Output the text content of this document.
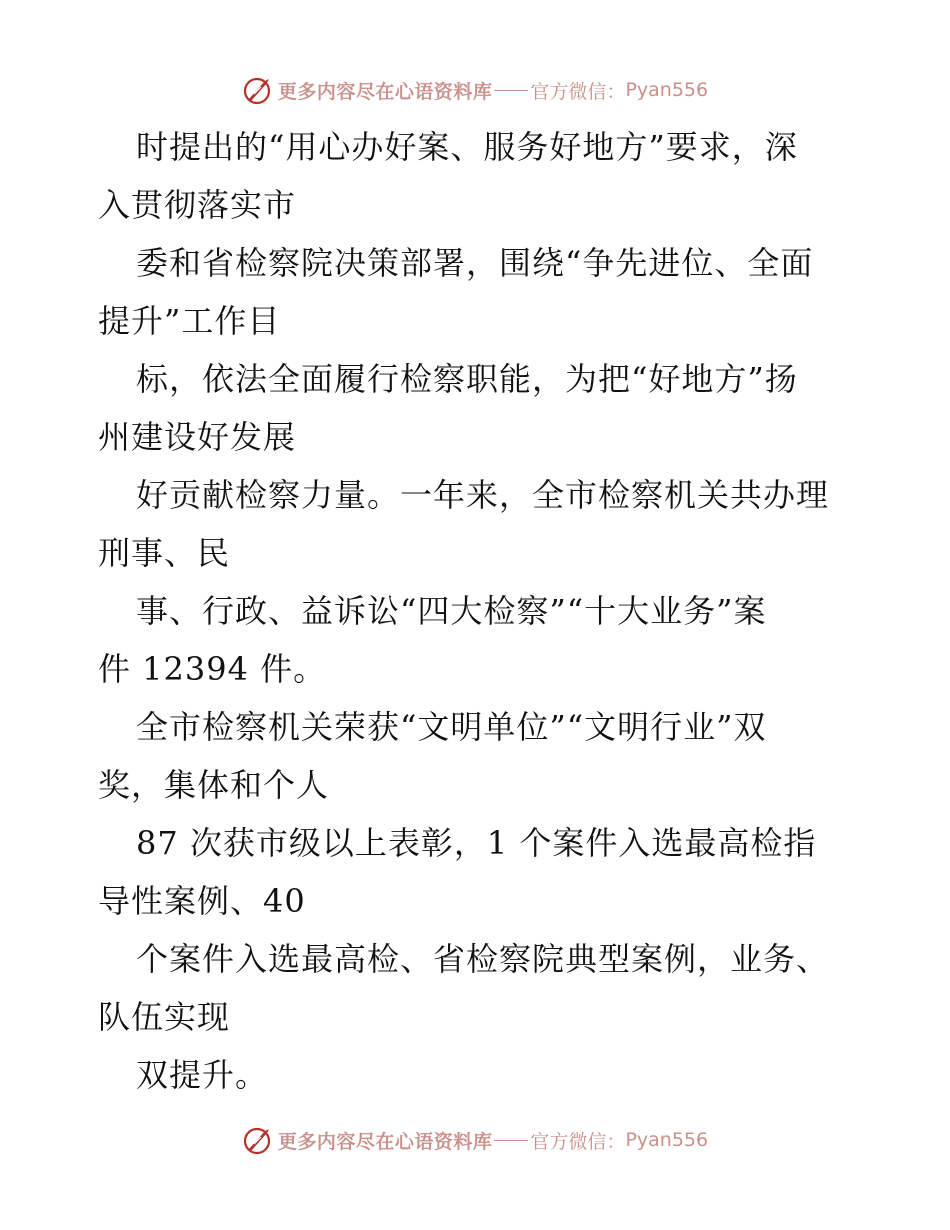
更多内容尽在心语资料库 官方微信： Pyan556
时提出的“用心办好案、服务好地方”要求，深
入贯彻落实市
委和省检察院决策部署，围绕“争先进位、全面
提升”工作目
标，依法全面履行检察职能，为把“好地方”扬
州建设好发展
好贡献检察力量。一年来，全市检察机关共办理
刑事、民
事、行政、益诉讼“四大检察”“十大业务”案
件 12394 件。
全市检察机关荣获“文明单位”“文明行业”双
奖，集体和个人
87 次获市级以上表彰，1 个案件入选最高检指
导性案例、40
个案件入选最高检、省检察院典型案例，业务、
队伍实现
双提升。
更多内容尽在心语资料库 官方微信： Pyan556
